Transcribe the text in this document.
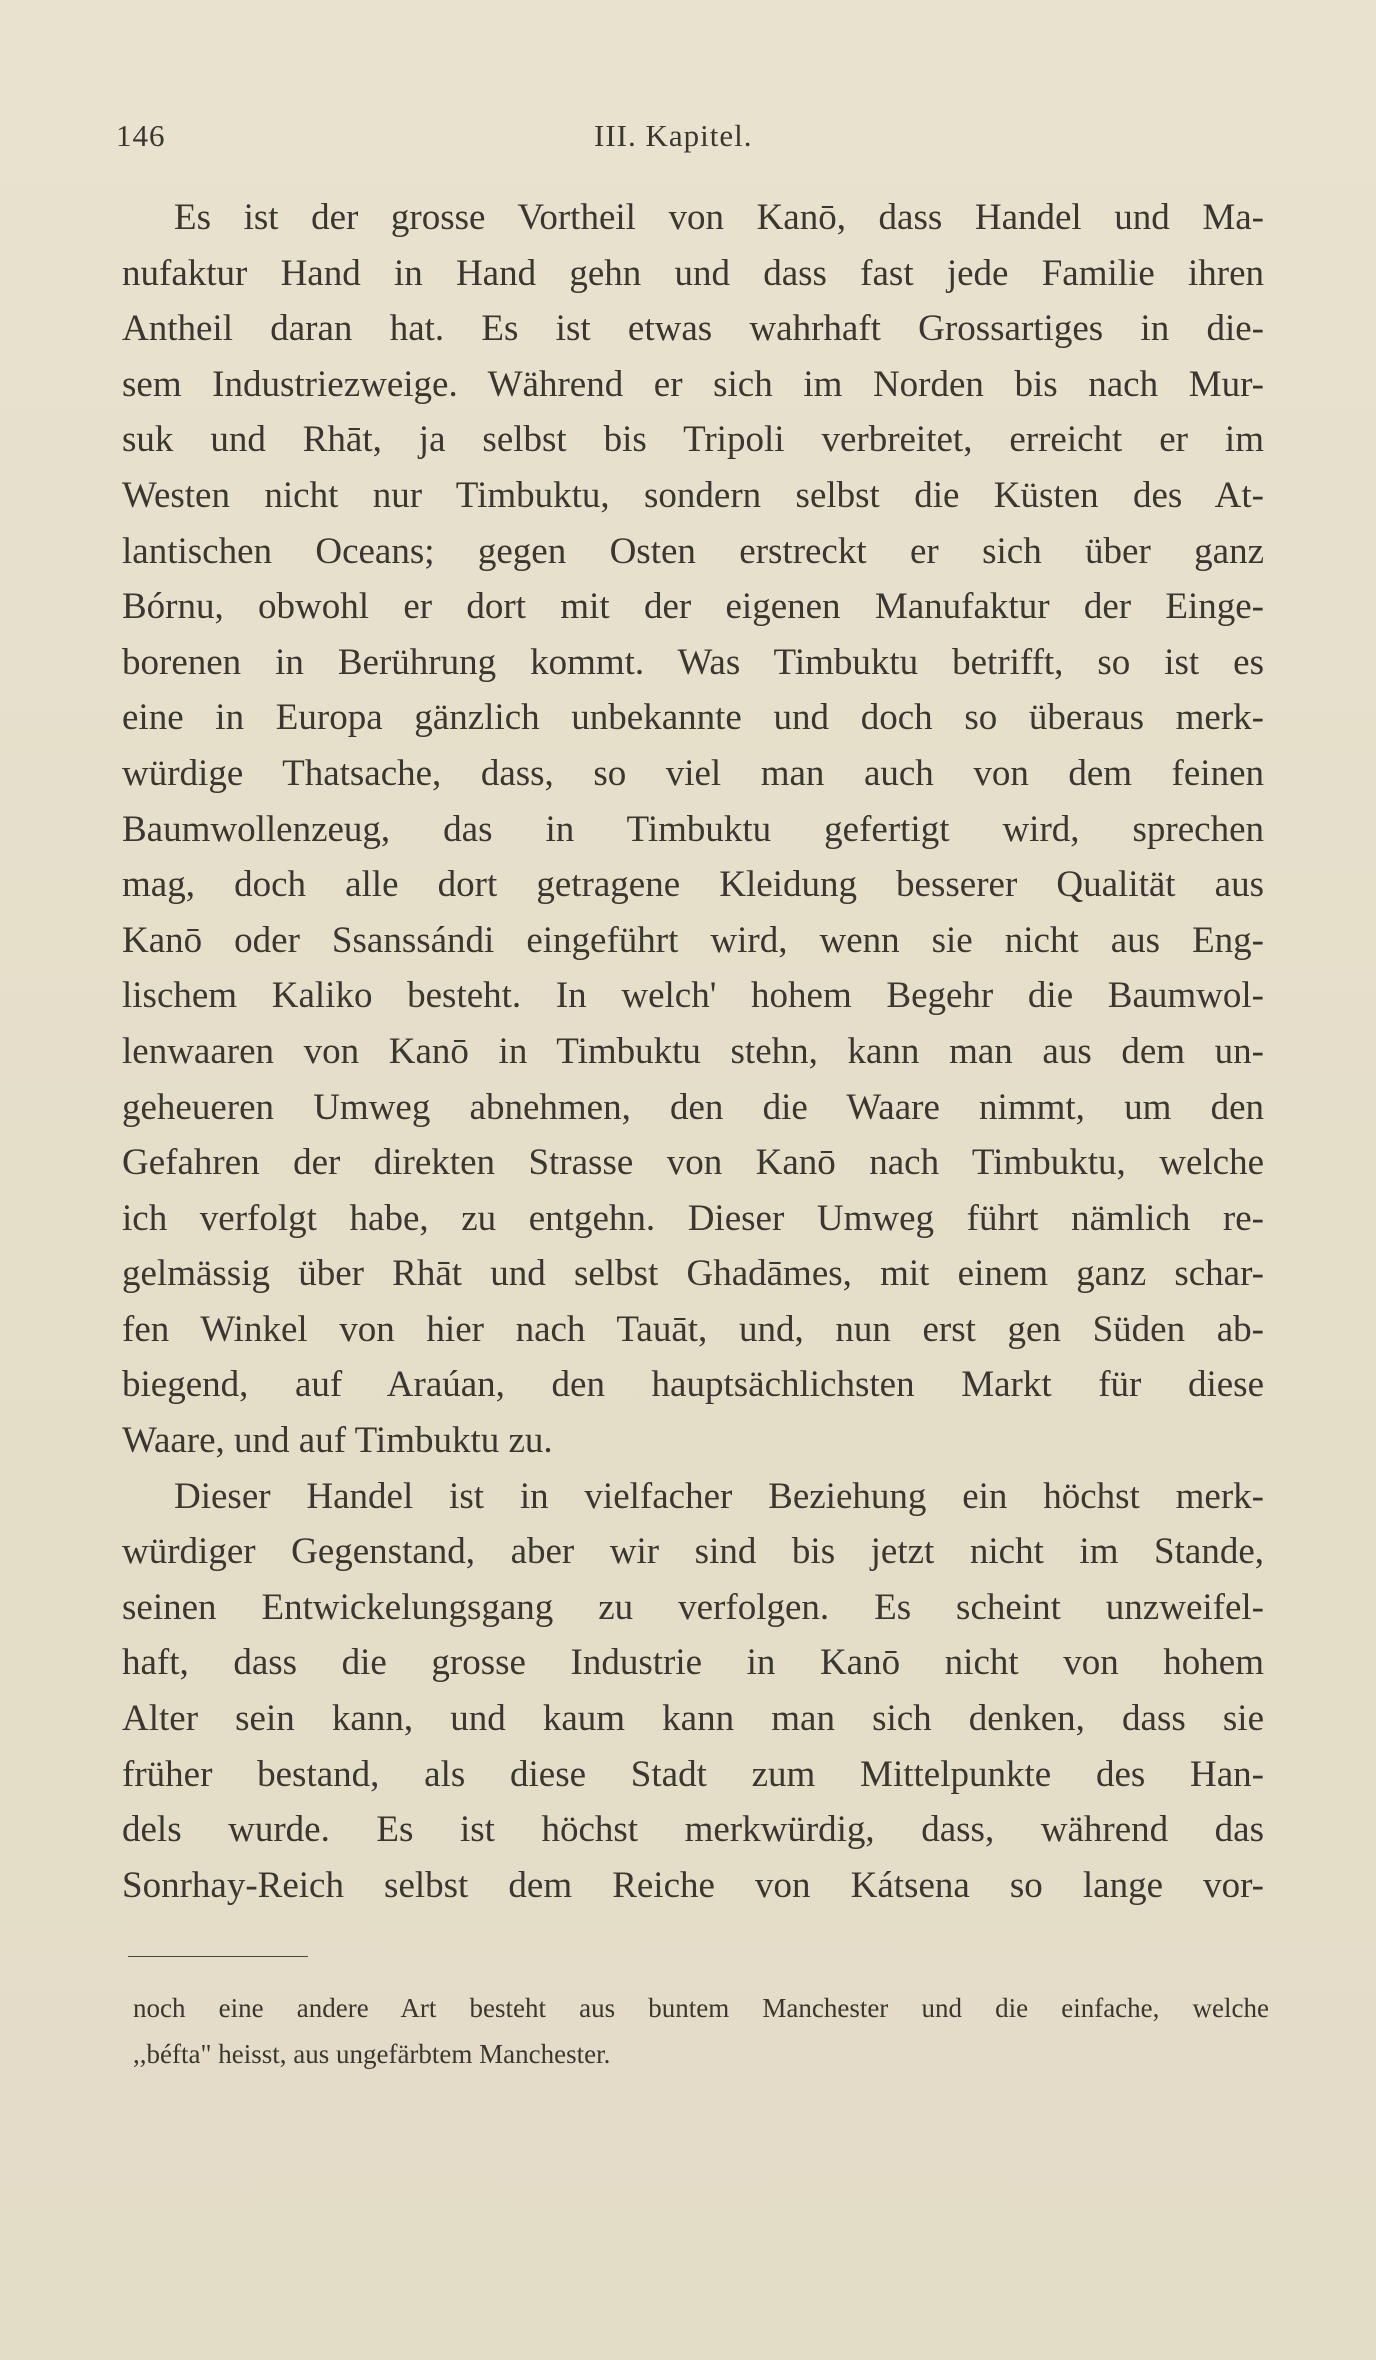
146	III. Kapitel.
Es ist der grosse Vortheil von Kanō, dass Handel und Ma-
nufaktur Hand in Hand gehn und dass fast jede Familie ihren
Antheil daran hat. Es ist etwas wahrhaft Grossartiges in die-
sem Industriezweige. Während er sich im Norden bis nach Mur-
suk und Rhāt, ja selbst bis Tripoli verbreitet, erreicht er im
Westen nicht nur Timbuktu, sondern selbst die Küsten des At-
lantischen Oceans; gegen Osten erstreckt er sich über ganz
Bórnu, obwohl er dort mit der eigenen Manufaktur der Einge-
borenen in Berührung kommt. Was Timbuktu betrifft, so ist es
eine in Europa gänzlich unbekannte und doch so überaus merk-
würdige Thatsache, dass, so viel man auch von dem feinen
Baumwollenzeug, das in Timbuktu gefertigt wird, sprechen
mag, doch alle dort getragene Kleidung besserer Qualität aus
Kanō oder Ssanssándi eingeführt wird, wenn sie nicht aus Eng-
lischem Kaliko besteht. In welch' hohem Begehr die Baumwol-
lenwaaren von Kanō in Timbuktu stehn, kann man aus dem un-
geheueren Umweg abnehmen, den die Waare nimmt, um den
Gefahren der direkten Strasse von Kanō nach Timbuktu, welche
ich verfolgt habe, zu entgehn. Dieser Umweg führt nämlich re-
gelmässig über Rhāt und selbst Ghadāmes, mit einem ganz schar-
fen Winkel von hier nach Tauāt, und, nun erst gen Süden ab-
biegend, auf Araúan, den hauptsächlichsten Markt für diese
Waare, und auf Timbuktu zu.
Dieser Handel ist in vielfacher Beziehung ein höchst merk-
würdiger Gegenstand, aber wir sind bis jetzt nicht im Stande,
seinen Entwickelungsgang zu verfolgen. Es scheint unzweifel-
haft, dass die grosse Industrie in Kanō nicht von hohem
Alter sein kann, und kaum kann man sich denken, dass sie
früher bestand, als diese Stadt zum Mittelpunkte des Han-
dels wurde. Es ist höchst merkwürdig, dass, während das
Sonrhay-Reich selbst dem Reiche von Kátsena so lange vor-
noch eine andere Art besteht aus buntem Manchester und die einfache, welche
,,béfta" heisst, aus ungefärbtem Manchester.
